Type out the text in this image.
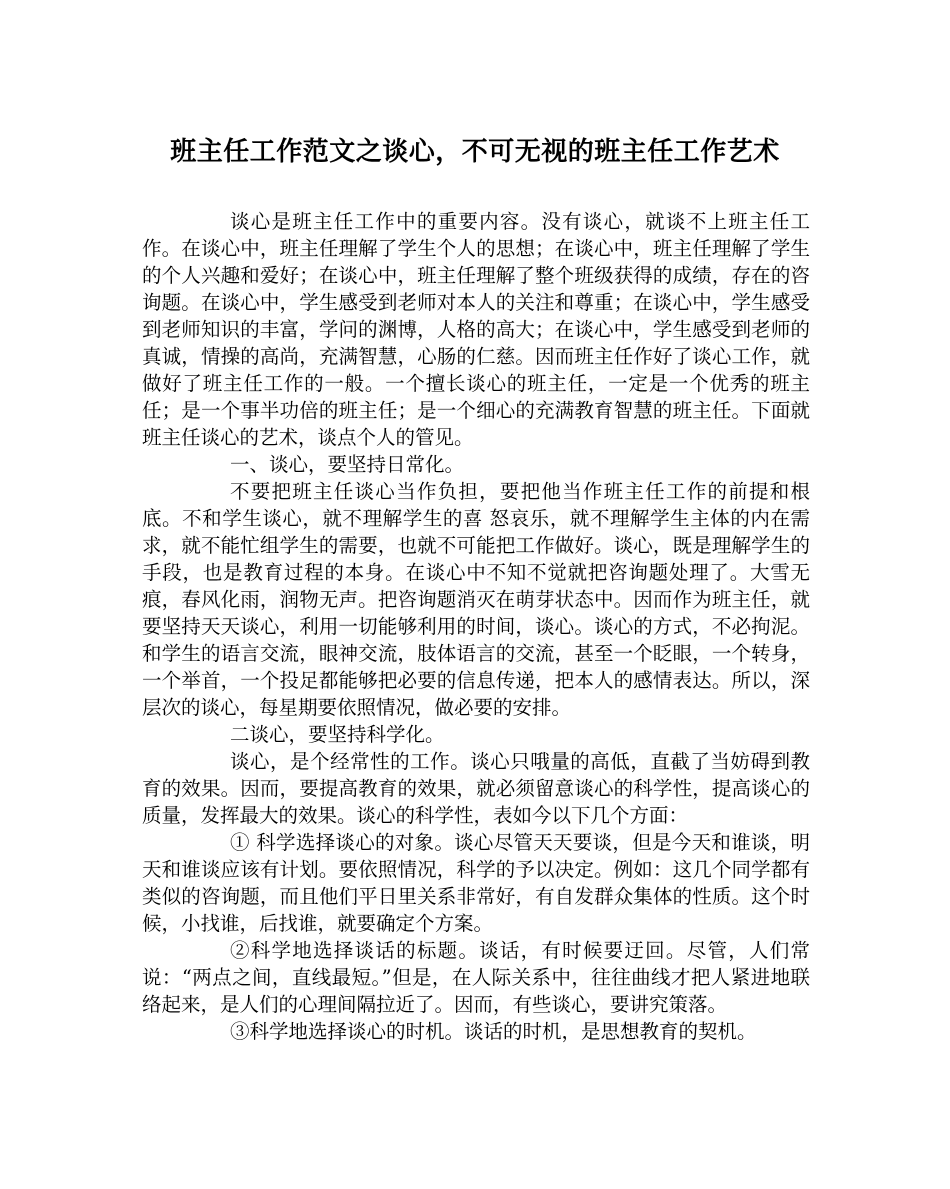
班主任工作范文之谈心，不可无视的班主任工作艺术

谈心是班主任工作中的重要内容。没有谈心，就谈不上班主任工作。在谈心中，班主任理解了学生个人的思想；在谈心中，班主任理解了学生的个人兴趣和爱好；在谈心中，班主任理解了整个班级获得的成绩，存在的咨询题。在谈心中，学生感受到老师对本人的关注和尊重；在谈心中，学生感受到老师知识的丰富，学问的渊博，人格的高大；在谈心中，学生感受到老师的真诚，情操的高尚，充满智慧，心肠的仁慈。因而班主任作好了谈心工作，就做好了班主任工作的一般。一个擅长谈心的班主任，一定是一个优秀的班主任；是一个事半功倍的班主任；是一个细心的充满教育智慧的班主任。下面就班主任谈心的艺术，谈点个人的管见。

一、谈心，要坚持日常化。

不要把班主任谈心当作负担，要把他当作班主任工作的前提和根底。不和学生谈心，就不理解学生的喜 怒哀乐，就不理解学生主体的内在需求，就不能忙组学生的需要，也就不可能把工作做好。谈心，既是理解学生的手段，也是教育过程的本身。在谈心中不知不觉就把咨询题处理了。大雪无痕，春风化雨，润物无声。把咨询题消灭在萌芽状态中。因而作为班主任，就要坚持天天谈心，利用一切能够利用的时间，谈心。谈心的方式，不必拘泥。和学生的语言交流，眼神交流，肢体语言的交流，甚至一个眨眼，一个转身，一个举首，一个投足都能够把必要的信息传递，把本人的感情表达。所以，深层次的谈心，每星期要依照情况，做必要的安排。

二谈心，要坚持科学化。

谈心，是个经常性的工作。谈心只哦量的高低，直截了当妨碍到教育的效果。因而，要提高教育的效果，就必须留意谈心的科学性，提高谈心的质量，发挥最大的效果。谈心的科学性，表如今以下几个方面：

① 科学选择谈心的对象。谈心尽管天天要谈，但是今天和谁谈，明天和谁谈应该有计划。要依照情况，科学的予以决定。例如：这几个同学都有类似的咨询题，而且他们平日里关系非常好，有自发群众集体的性质。这个时候，小找谁，后找谁，就要确定个方案。

②科学地选择谈话的标题。谈话，有时候要迂回。尽管，人们常说：“两点之间，直线最短。”但是，在人际关系中，往往曲线才把人紧进地联络起来，是人们的心理间隔拉近了。因而，有些谈心，要讲究策落。

③科学地选择谈心的时机。谈话的时机，是思想教育的契机。
